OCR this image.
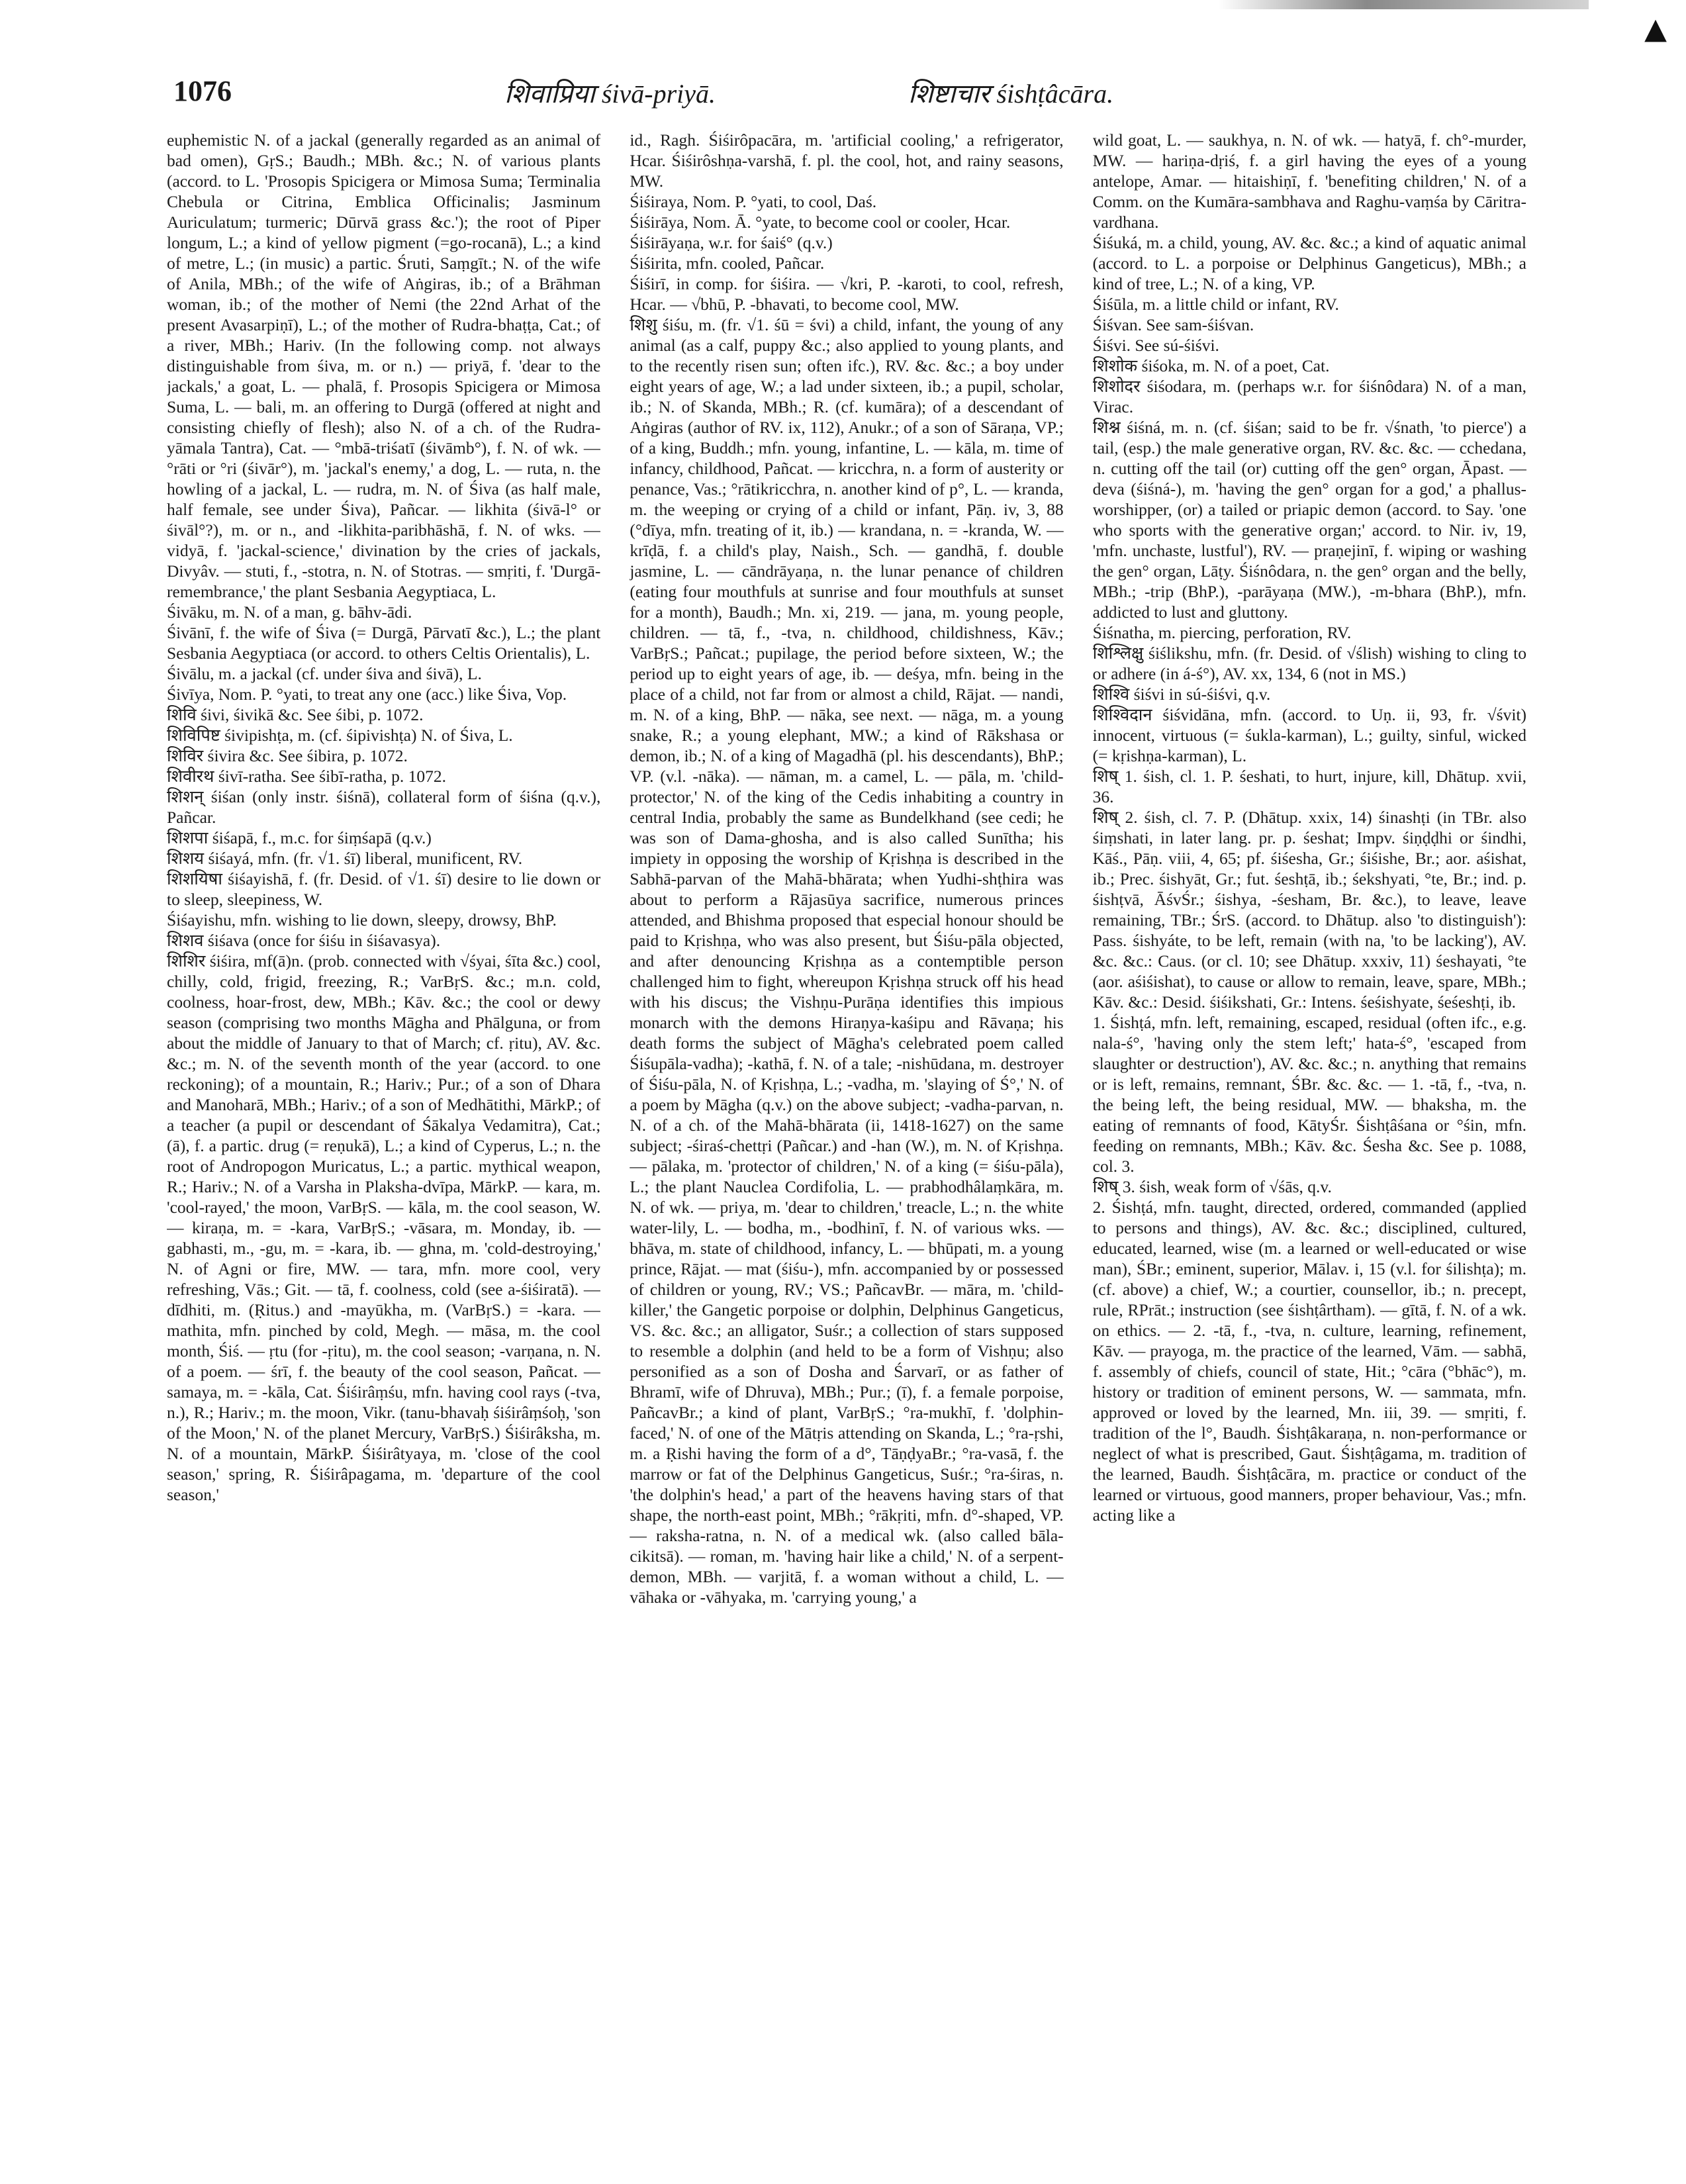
▲
1076	शिवाप्रिया śivā-priyā.	शिष्टाचार śishṭâcāra.

euphemistic N. of a jackal (generally regarded as an animal of bad omen), GṛS.; Baudh.; MBh. &c.; N. of various plants (accord. to L. 'Prosopis Spicigera or Mimosa Suma; Terminalia Chebula or Citrina, Emblica Officinalis; Jasminum Auriculatum; turmeric; Dūrvā grass &c.'); the root of Piper longum, L.; a kind of yellow pigment (=go-rocanā), L.; a kind of metre, L.; (in music) a partic. Śruti, Saṃgīt.; N. of the wife of Anila, MBh.; of the wife of Aṅgiras, ib.; of a Brāhman woman, ib.; of the mother of Nemi (the 22nd Arhat of the present Avasarpiṇī), L.; of the mother of Rudra-bhaṭṭa, Cat.; of a river, MBh.; Hariv. (In the following comp. not always distinguishable from śiva, m. or n.) — priyā, f. 'dear to the jackals,' a goat, L. — phalā, f. Prosopis Spicigera or Mimosa Suma, L. — bali, m. an offering to Durgā (offered at night and consisting chiefly of flesh); also N. of a ch. of the Rudra-yāmala Tantra), Cat. — °mbā-triśatī (śivāmb°), f. N. of wk. — °rāti or °ri (śivār°), m. 'jackal's enemy,' a dog, L. — ruta, n. the howling of a jackal, L. — rudra, m. N. of Śiva (as half male, half female, see under Śiva), Pañcar. — likhita (śivā-l° or śivāl°?), m. or n., and -likhita-paribhāshā, f. N. of wks. — vidyā, f. 'jackal-science,' divination by the cries of jackals, Divyâv. — stuti, f., -stotra, n. N. of Stotras. — smṛiti, f. 'Durgā-remembrance,' the plant Sesbania Aegyptiaca, L.

Śivāku, m. N. of a man, g. bāhv-ādi.

Śivānī, f. the wife of Śiva (= Durgā, Pārvatī &c.), L.; the plant Sesbania Aegyptiaca (or accord. to others Celtis Orientalis), L.

Śivālu, m. a jackal (cf. under śiva and śivā), L.

Śivīya, Nom. P. °yati, to treat any one (acc.) like Śiva, Vop.

शिवि śivi, śivikā &c. See śibi, p. 1072.

शिविपिष्ट śivipishṭa, m. (cf. śipivishṭa) N. of Śiva, L.

शिविर śivira &c. See śibira, p. 1072.

शिवीरथ śivī-ratha. See śibī-ratha, p. 1072.

शिशन् śiśan (only instr. śiśnā), collateral form of śiśna (q.v.), Pañcar.

शिशपा śiśapā, f., m.c. for śiṃśapā (q.v.)

शिशय śiśayá, mfn. (fr. √1. śī) liberal, munificent, RV.

शिशयिषा śiśayishā, f. (fr. Desid. of √1. śī) desire to lie down or to sleep, sleepiness, W.

Śiśayishu, mfn. wishing to lie down, sleepy, drowsy, BhP.

शिशव śiśava (once for śiśu in śiśavasya).

शिशिर śiśira, mf(ā)n. (prob. connected with √śyai, śīta &c.) cool, chilly, cold, frigid, freezing, R.; VarBṛS. &c.; m.n. cold, coolness, hoar-frost, dew, MBh.; Kāv. &c.; the cool or dewy season (comprising two months Māgha and Phālguna, or from about the middle of January to that of March; cf. ṛitu), AV. &c. &c.; m. N. of the seventh month of the year (accord. to one reckoning); of a mountain, R.; Hariv.; Pur.; of a son of Dhara and Manoharā, MBh.; Hariv.; of a son of Medhātithi, MārkP.; of a teacher (a pupil or descendant of Śākalya Vedamitra), Cat.; (ā), f. a partic. drug (= reṇukā), L.; a kind of Cyperus, L.; n. the root of Andropogon Muricatus, L.; a partic. mythical weapon, R.; Hariv.; N. of a Varsha in Plaksha-dvīpa, MārkP. — kara, m. 'cool-rayed,' the moon, VarBṛS. — kāla, m. the cool season, W. — kiraṇa, m. = -kara, VarBṛS.; -vāsara, m. Monday, ib. — gabhasti, m., -gu, m. = -kara, ib. — ghna, m. 'cold-destroying,' N. of Agni or fire, MW. — tara, mfn. more cool, very refreshing, Vās.; Git. — tā, f. coolness, cold (see a-śiśiratā). — dīdhiti, m. (Ṛitus.) and -mayūkha, m. (VarBṛS.) = -kara. — mathita, mfn. pinched by cold, Megh. — māsa, m. the cool month, Śiś. — ṛtu (for -ṛitu), m. the cool season; -varṇana, n. N. of a poem. — śrī, f. the beauty of the cool season, Pañcat. — samaya, m. = -kāla, Cat. Śiśirâṃśu, mfn. having cool rays (-tva, n.), R.; Hariv.; m. the moon, Vikr. (tanu-bhavaḥ śiśirâṃśoḥ, 'son of the Moon,' N. of the planet Mercury, VarBṛS.) Śiśirâksha, m. N. of a mountain, MārkP. Śiśirâtyaya, m. 'close of the cool season,' spring, R. Śiśirâpagama, m. 'departure of the cool season,'

id., Ragh. Śiśirôpacāra, m. 'artificial cooling,' a refrigerator, Hcar. Śiśirôshṇa-varshā, f. pl. the cool, hot, and rainy seasons, MW.

Śiśiraya, Nom. P. °yati, to cool, Daś.

Śiśirāya, Nom. Ā. °yate, to become cool or cooler, Hcar.

Śiśirāyaṇa, w.r. for śaiś° (q.v.)

Śiśirita, mfn. cooled, Pañcar.

Śiśirī, in comp. for śiśira. — √kri, P. -karoti, to cool, refresh, Hcar. — √bhū, P. -bhavati, to become cool, MW.

शिशु śiśu, m. (fr. √1. śū = śvi) a child, infant, the young of any animal (as a calf, puppy &c.; also applied to young plants, and to the recently risen sun; often ifc.), RV. &c. &c.; a boy under eight years of age, W.; a lad under sixteen, ib.; a pupil, scholar, ib.; N. of Skanda, MBh.; R. (cf. kumāra); of a descendant of Aṅgiras (author of RV. ix, 112), Anukr.; of a son of Sāraṇa, VP.; of a king, Buddh.; mfn. young, infantine, L. — kāla, m. time of infancy, childhood, Pañcat. — kricchra, n. a form of austerity or penance, Vas.; °rātikricchra, n. another kind of p°, L. — kranda, m. the weeping or crying of a child or infant, Pāṇ. iv, 3, 88 (°dīya, mfn. treating of it, ib.) — krandana, n. = -kranda, W. — krīḍā, f. a child's play, Naish., Sch. — gandhā, f. double jasmine, L. — cāndrāyaṇa, n. the lunar penance of children (eating four mouthfuls at sunrise and four mouthfuls at sunset for a month), Baudh.; Mn. xi, 219. — jana, m. young people, children. — tā, f., -tva, n. childhood, childishness, Kāv.; VarBṛS.; Pañcat.; pupilage, the period before sixteen, W.; the period up to eight years of age, ib. — deśya, mfn. being in the place of a child, not far from or almost a child, Rājat. — nandi, m. N. of a king, BhP. — nāka, see next. — nāga, m. a young snake, R.; a young elephant, MW.; a kind of Rākshasa or demon, ib.; N. of a king of Magadhā (pl. his descendants), BhP.; VP. (v.l. -nāka). — nāman, m. a camel, L. — pāla, m. 'child-protector,' N. of the king of the Cedis inhabiting a country in central India, probably the same as Bundelkhand (see cedi; he was son of Dama-ghosha, and is also called Sunītha; his impiety in opposing the worship of Kṛishṇa is described in the Sabhā-parvan of the Mahā-bhārata; when Yudhi-shṭhira was about to perform a Rājasūya sacrifice, numerous princes attended, and Bhishma proposed that especial honour should be paid to Kṛishṇa, who was also present, but Śiśu-pāla objected, and after denouncing Kṛishṇa as a contemptible person challenged him to fight, whereupon Kṛishṇa struck off his head with his discus; the Vishṇu-Purāṇa identifies this impious monarch with the demons Hiraṇya-kaśipu and Rāvaṇa; his death forms the subject of Māgha's celebrated poem called Śiśupāla-vadha); -kathā, f. N. of a tale; -nishūdana, m. destroyer of Śiśu-pāla, N. of Kṛishṇa, L.; -vadha, m. 'slaying of Ś°,' N. of a poem by Māgha (q.v.) on the above subject; -vadha-parvan, n. N. of a ch. of the Mahā-bhārata (ii, 1418-1627) on the same subject; -śiraś-chettṛi (Pañcar.) and -han (W.), m. N. of Kṛishṇa. — pālaka, m. 'protector of children,' N. of a king (= śiśu-pāla), L.; the plant Nauclea Cordifolia, L. — prabhodhâlaṃkāra, m. N. of wk. — priya, m. 'dear to children,' treacle, L.; n. the white water-lily, L. — bodha, m., -bodhinī, f. N. of various wks. — bhāva, m. state of childhood, infancy, L. — bhūpati, m. a young prince, Rājat. — mat (śiśu-), mfn. accompanied by or possessed of children or young, RV.; VS.; PañcavBr. — māra, m. 'child-killer,' the Gangetic porpoise or dolphin, Delphinus Gangeticus, VS. &c. &c.; an alligator, Suśr.; a collection of stars supposed to resemble a dolphin (and held to be a form of Vishṇu; also personified as a son of Dosha and Śarvarī, or as father of Bhramī, wife of Dhruva), MBh.; Pur.; (ī), f. a female porpoise, PañcavBr.; a kind of plant, VarBṛS.; °ra-mukhī, f. 'dolphin-faced,' N. of one of the Mātṛis attending on Skanda, L.; °ra-ṛshi, m. a Ṛishi having the form of a d°, TāṇḍyaBr.; °ra-vasā, f. the marrow or fat of the Delphinus Gangeticus, Suśr.; °ra-śiras, n. 'the dolphin's head,' a part of the heavens having stars of that shape, the north-east point, MBh.; °rākṛiti, mfn. d°-shaped, VP. — raksha-ratna, n. N. of a medical wk. (also called bāla-cikitsā). — roman, m. 'having hair like a child,' N. of a serpent-demon, MBh. — varjitā, f. a woman without a child, L. — vāhaka or -vāhyaka, m. 'carrying young,' a

wild goat, L. — saukhya, n. N. of wk. — hatyā, f. ch°-murder, MW. — hariṇa-dṛiś, f. a girl having the eyes of a young antelope, Amar. — hitaishiṇī, f. 'benefiting children,' N. of a Comm. on the Kumāra-sambhava and Raghu-vaṃśa by Cāritra-vardhana.

Śiśuká, m. a child, young, AV. &c. &c.; a kind of aquatic animal (accord. to L. a porpoise or Delphinus Gangeticus), MBh.; a kind of tree, L.; N. of a king, VP.

Śiśūla, m. a little child or infant, RV.

Śiśvan. See sam-śiśvan.

Śiśvi. See sú-śiśvi.

शिशोक śiśoka, m. N. of a poet, Cat.

शिशोदर śiśodara, m. (perhaps w.r. for śiśnôdara) N. of a man, Virac.

शिश्न śiśná, m. n. (cf. śiśan; said to be fr. √śnath, 'to pierce') a tail, (esp.) the male generative organ, RV. &c. &c. — cchedana, n. cutting off the tail (or) cutting off the gen° organ, Āpast. — deva (śiśná-), m. 'having the gen° organ for a god,' a phallus-worshipper, (or) a tailed or priapic demon (accord. to Say. 'one who sports with the generative organ;' accord. to Nir. iv, 19, 'mfn. unchaste, lustful'), RV. — praṇejinī, f. wiping or washing the gen° organ, Lāṭy. Śiśnôdara, n. the gen° organ and the belly, MBh.; -trip (BhP.), -parāyaṇa (MW.), -m-bhara (BhP.), mfn. addicted to lust and gluttony.

Śiśnatha, m. piercing, perforation, RV.

शिश्लिक्षु śiślikshu, mfn. (fr. Desid. of √ślish) wishing to cling to or adhere (in á-ś°), AV. xx, 134, 6 (not in MS.)

शिश्वि śiśvi in sú-śiśvi, q.v.

शिश्विदान śiśvidāna, mfn. (accord. to Uṇ. ii, 93, fr. √śvit) innocent, virtuous (= śukla-karman), L.; guilty, sinful, wicked (= kṛishṇa-karman), L.

शिष् 1. śish, cl. 1. P. śeshati, to hurt, injure, kill, Dhātup. xvii, 36.

शिष् 2. śish, cl. 7. P. (Dhātup. xxix, 14) śinashṭi (in TBr. also śiṃshati, in later lang. pr. p. śeshat; Impv. śiṇḍḍhi or śindhi, Kāś., Pāṇ. viii, 4, 65; pf. śiśesha, Gr.; śiśishe, Br.; aor. aśishat, ib.; Prec. śishyāt, Gr.; fut. śeshṭā, ib.; śekshyati, °te, Br.; ind. p. śishṭvā, ĀśvŚr.; śishya, -śesham, Br. &c.), to leave, leave remaining, TBr.; ŚrS. (accord. to Dhātup. also 'to distinguish'): Pass. śishyáte, to be left, remain (with na, 'to be lacking'), AV. &c. &c.: Caus. (or cl. 10; see Dhātup. xxxiv, 11) śeshayati, °te (aor. aśiśishat), to cause or allow to remain, leave, spare, MBh.; Kāv. &c.: Desid. śiśikshati, Gr.: Intens. śeśishyate, śeśeshṭi, ib.

1. Śishṭá, mfn. left, remaining, escaped, residual (often ifc., e.g. nala-ś°, 'having only the stem left;' hata-ś°, 'escaped from slaughter or destruction'), AV. &c. &c.; n. anything that remains or is left, remains, remnant, ŚBr. &c. &c. — 1. -tā, f., -tva, n. the being left, the being residual, MW. — bhaksha, m. the eating of remnants of food, KātyŚr. Śishṭâśana or °śin, mfn. feeding on remnants, MBh.; Kāv. &c. Śesha &c. See p. 1088, col. 3.

शिष् 3. śish, weak form of √śās, q.v.

2. Śishṭá, mfn. taught, directed, ordered, commanded (applied to persons and things), AV. &c. &c.; disciplined, cultured, educated, learned, wise (m. a learned or well-educated or wise man), ŚBr.; eminent, superior, Mālav. i, 15 (v.l. for śilishṭa); m. (cf. above) a chief, W.; a courtier, counsellor, ib.; n. precept, rule, RPrāt.; instruction (see śishṭârtham). — gītā, f. N. of a wk. on ethics. — 2. -tā, f., -tva, n. culture, learning, refinement, Kāv. — prayoga, m. the practice of the learned, Vām. — sabhā, f. assembly of chiefs, council of state, Hit.; °cāra (°bhāc°), m. history or tradition of eminent persons, W. — sammata, mfn. approved or loved by the learned, Mn. iii, 39. — smṛiti, f. tradition of the l°, Baudh. Śishṭâkaraṇa, n. non-performance or neglect of what is prescribed, Gaut. Śishṭâgama, m. tradition of the learned, Baudh. Śishṭâcāra, m. practice or conduct of the learned or virtuous, good manners, proper behaviour, Vas.; mfn. acting like a
